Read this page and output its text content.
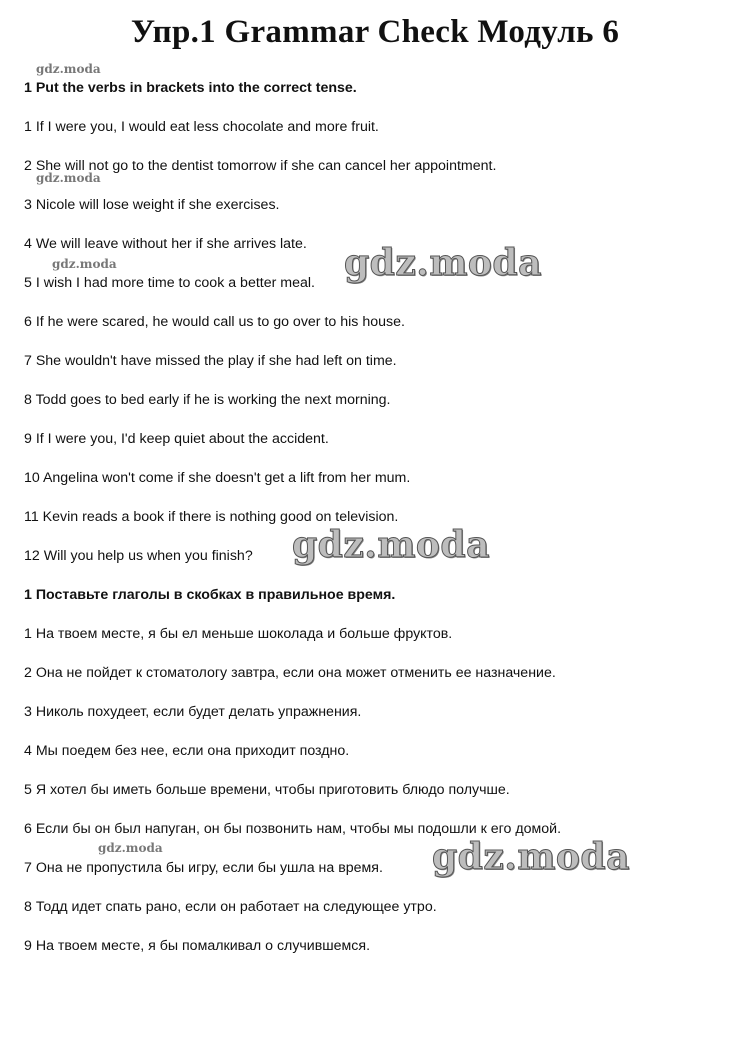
Упр.1 Grammar Check Модуль 6

1 Put the verbs in brackets into the correct tense.

1 If I were you, I would eat less chocolate and more fruit.

2 She will not go to the dentist tomorrow if she can cancel her appointment.

3 Nicole will lose weight if she exercises.

4 We will leave without her if she arrives late.

5 I wish I had more time to cook a better meal.

6 If he were scared, he would call us to go over to his house.

7 She wouldn't have missed the play if she had left on time.

8 Todd goes to bed early if he is working the next morning.

9 If I were you, I'd keep quiet about the accident.

10 Angelina won't come if she doesn't get a lift from her mum.

11 Kevin reads a book if there is nothing good on television.

12 Will you help us when you finish?

1 Поставьте глаголы в скобках в правильное время.

1 На твоем месте, я бы ел меньше шоколада и больше фруктов.

2 Она не пойдет к стоматологу завтра, если она может отменить ее назначение.

3 Николь похудеет, если будет делать упражнения.

4 Мы поедем без нее, если она приходит поздно.

5 Я хотел бы иметь больше времени, чтобы приготовить блюдо получше.

6 Если бы он был напуган, он бы позвонить нам, чтобы мы подошли к его домой.

7 Она не пропустила бы игру, если бы ушла на время.

8 Тодд идет спать рано, если он работает на следующее утро.

9 На твоем месте, я бы помалкивал о случившемся.

gdz.moda

gdz.moda

gdz.moda

gdz.moda

gdz.moda

gdz.moda

gdz.moda
